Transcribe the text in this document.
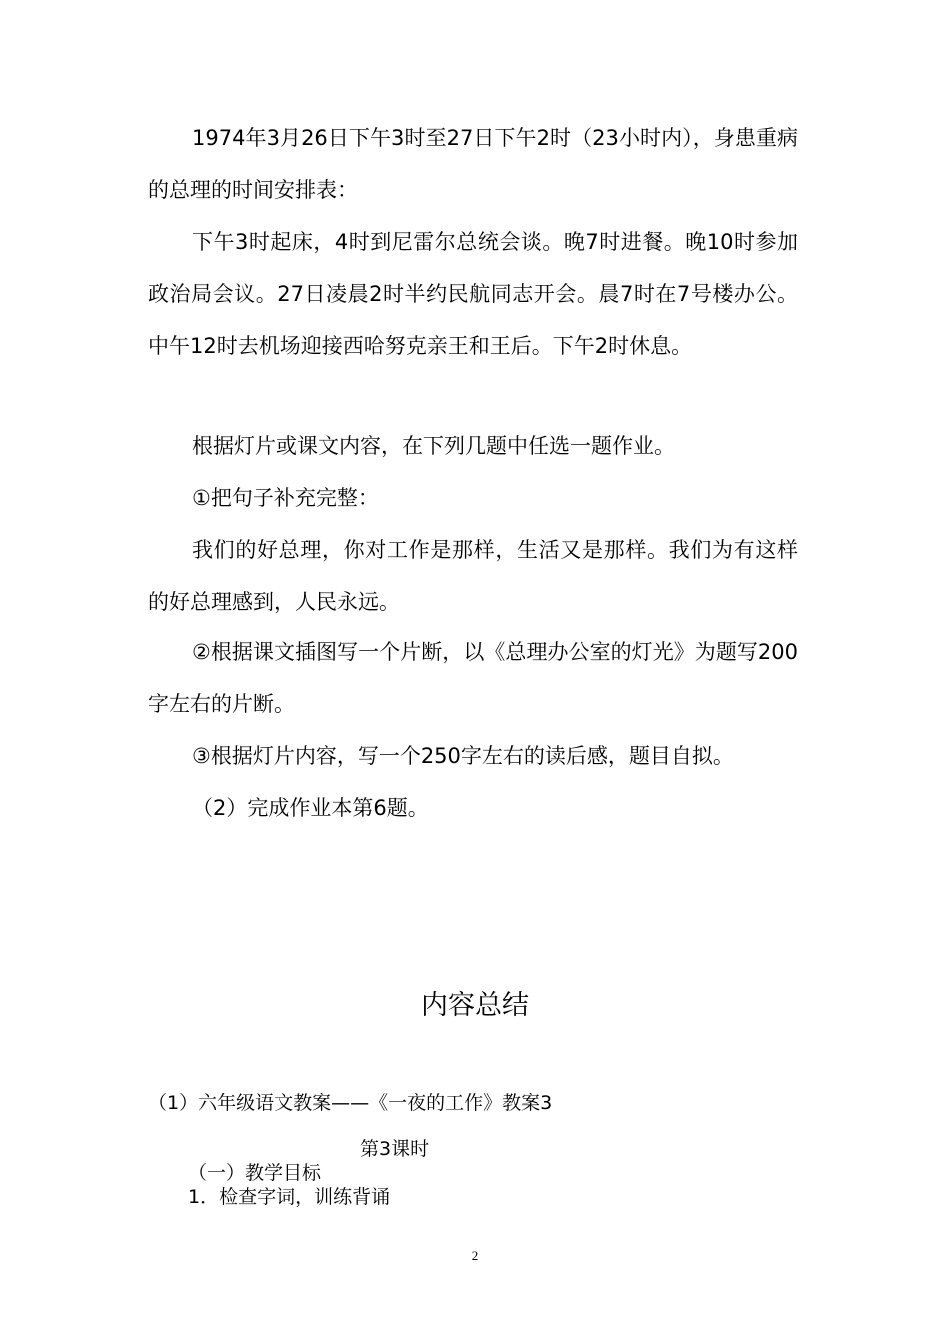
1974年3月26日下午3时至27日下午2时（23小时内），身患重病的总理的时间安排表：

下午3时起床，4时到尼雷尔总统会谈。晚7时进餐。晚10时参加政治局会议。27日凌晨2时半约民航同志开会。晨7时在7号楼办公。中午12时去机场迎接西哈努克亲王和王后。下午2时休息。

根据灯片或课文内容，在下列几题中任选一题作业。

①把句子补充完整：

我们的好总理，你对工作是那样，生活又是那样。我们为有这样的好总理感到，人民永远。

②根据课文插图写一个片断，以《总理办公室的灯光》为题写200字左右的片断。

③根据灯片内容，写一个250字左右的读后感，题目自拟。

（2）完成作业本第6题。

内容总结

（1）六年级语文教案——《一夜的工作》教案3

第3课时

（一）教学目标

1．检查字词，训练背诵

2
